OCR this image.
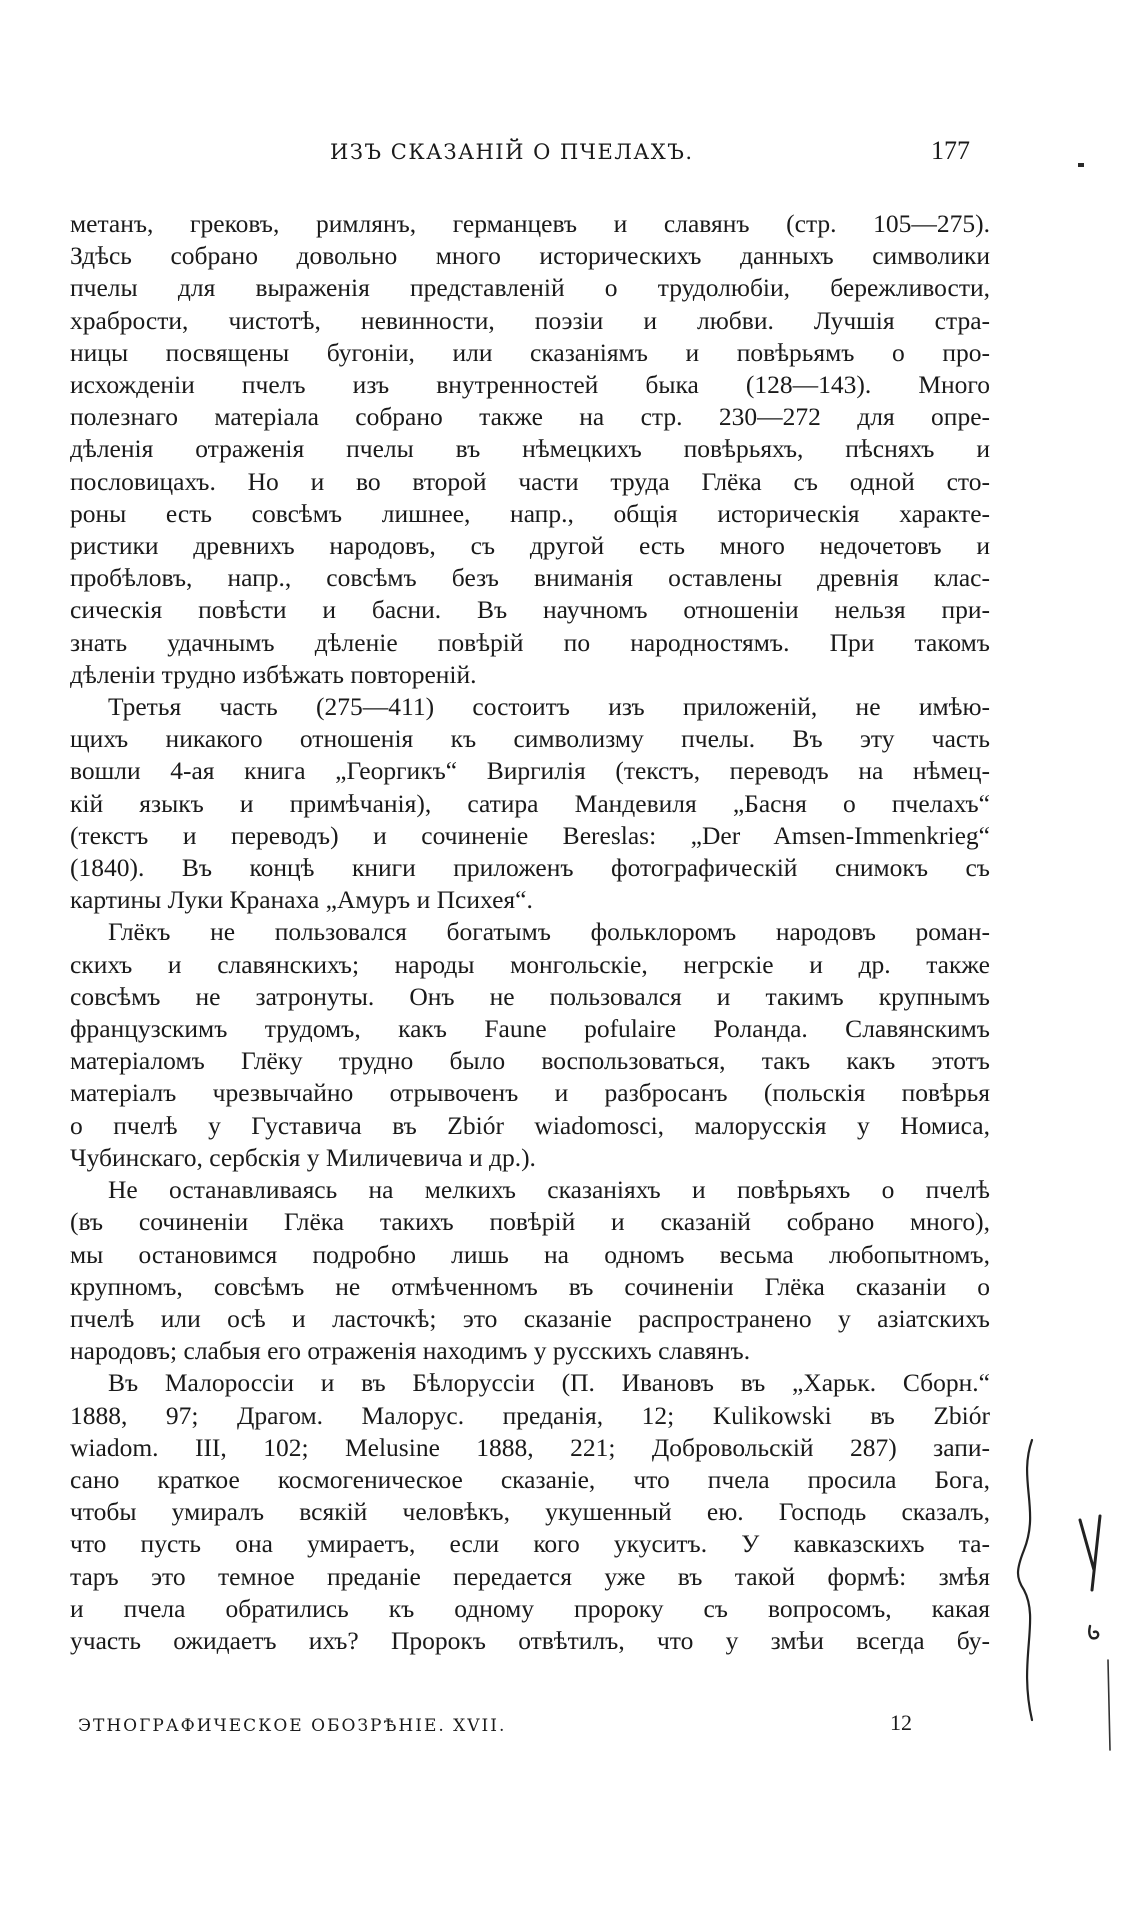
ИЗЪ СКАЗАНІЙ О ПЧЕЛАХЪ.	177

метанъ, грековъ, римлянъ, германцевъ и славянъ (стр. 105—275).
Здѣсь собрано довольно много историческихъ данныхъ символики
пчелы для выраженія представленій о трудолюбіи, бережливости,
храбрости, чистотѣ, невинности, поэзіи и любви. Лучшія стра-
ницы посвящены бугоніи, или сказаніямъ и повѣрьямъ о про-
исхожденіи пчелъ изъ внутренностей быка (128—143). Много
полезнаго матеріала собрано также на стр. 230—272 для опре-
дѣленія отраженія пчелы въ нѣмецкихъ повѣрьяхъ, пѣсняхъ и
пословицахъ. Но и во второй части труда Глёка съ одной сто-
роны есть совсѣмъ лишнее, напр., общія историческія характе-
ристики древнихъ народовъ, съ другой есть много недочетовъ и
пробѣловъ, напр., совсѣмъ безъ вниманія оставлены древнія клас-
сическія повѣсти и басни. Въ научномъ отношеніи нельзя при-
знать удачнымъ дѣленіе повѣрій по народностямъ. При такомъ
дѣленіи трудно избѣжать повтореній.

Третья часть (275—411) состоитъ изъ приложеній, не имѣю-
щихъ никакого отношенія къ символизму пчелы. Въ эту часть
вошли 4-ая книга „Георгикъ“ Виргилія (текстъ, переводъ на нѣмец-
кій языкъ и примѣчанія), сатира Мандевиля „Басня о пчелахъ“
(текстъ и переводъ) и сочиненіе Bereslas: „Der Amsen-Immenkrieg“
(1840). Въ концѣ книги приложенъ фотографическій снимокъ съ
картины Луки Кранаха „Амуръ и Психея“.

Глёкъ не пользовался богатымъ фольклоромъ народовъ роман-
скихъ и славянскихъ; народы монгольскіе, негрскіе и др. также
совсѣмъ не затронуты. Онъ не пользовался и такимъ крупнымъ
французскимъ трудомъ, какъ Faune pofulaire Роланда. Славянскимъ
матеріаломъ Глёку трудно было воспользоваться, такъ какъ этотъ
матеріалъ чрезвычайно отрывоченъ и разбросанъ (польскія повѣрья
о пчелѣ у Густавича въ Zbiór wiadomosci, малорусскія у Номиса,
Чубинскаго, сербскія у Миличевича и др.).

Не останавливаясь на мелкихъ сказаніяхъ и повѣрьяхъ о пчелѣ
(въ сочиненіи Глёка такихъ повѣрій и сказаній собрано много),
мы остановимся подробно лишь на одномъ весьма любопытномъ,
крупномъ, совсѣмъ не отмѣченномъ въ сочиненіи Глёка сказаніи о
пчелѣ или осѣ и ласточкѣ; это сказаніе распространено у азіатскихъ
народовъ; слабыя его отраженія находимъ у русскихъ славянъ.

Въ Малороссіи и въ Бѣлоруссіи (П. Ивановъ въ „Харьк. Сборн.“
1888, 97; Драгом. Малорус. преданія, 12; Kulikowski въ Zbiór
wiadom. III, 102; Melusine 1888, 221; Добровольскій 287) запи-
сано краткое космогеническое сказаніе, что пчела просила Бога,
чтобы умиралъ всякій человѣкъ, укушенный ею. Господь сказалъ,
что пусть она умираетъ, если кого укуситъ. У кавказскихъ та-
таръ это темное преданіе передается уже въ такой формѣ: змѣя
и пчела обратились къ одному пророку съ вопросомъ, какая
участь ожидаетъ ихъ? Пророкъ отвѣтилъ, что у змѣи всегда бу-

ЭТНОГРАФИЧЕСКОЕ ОБОЗРѢНІЕ. XVII.	12
